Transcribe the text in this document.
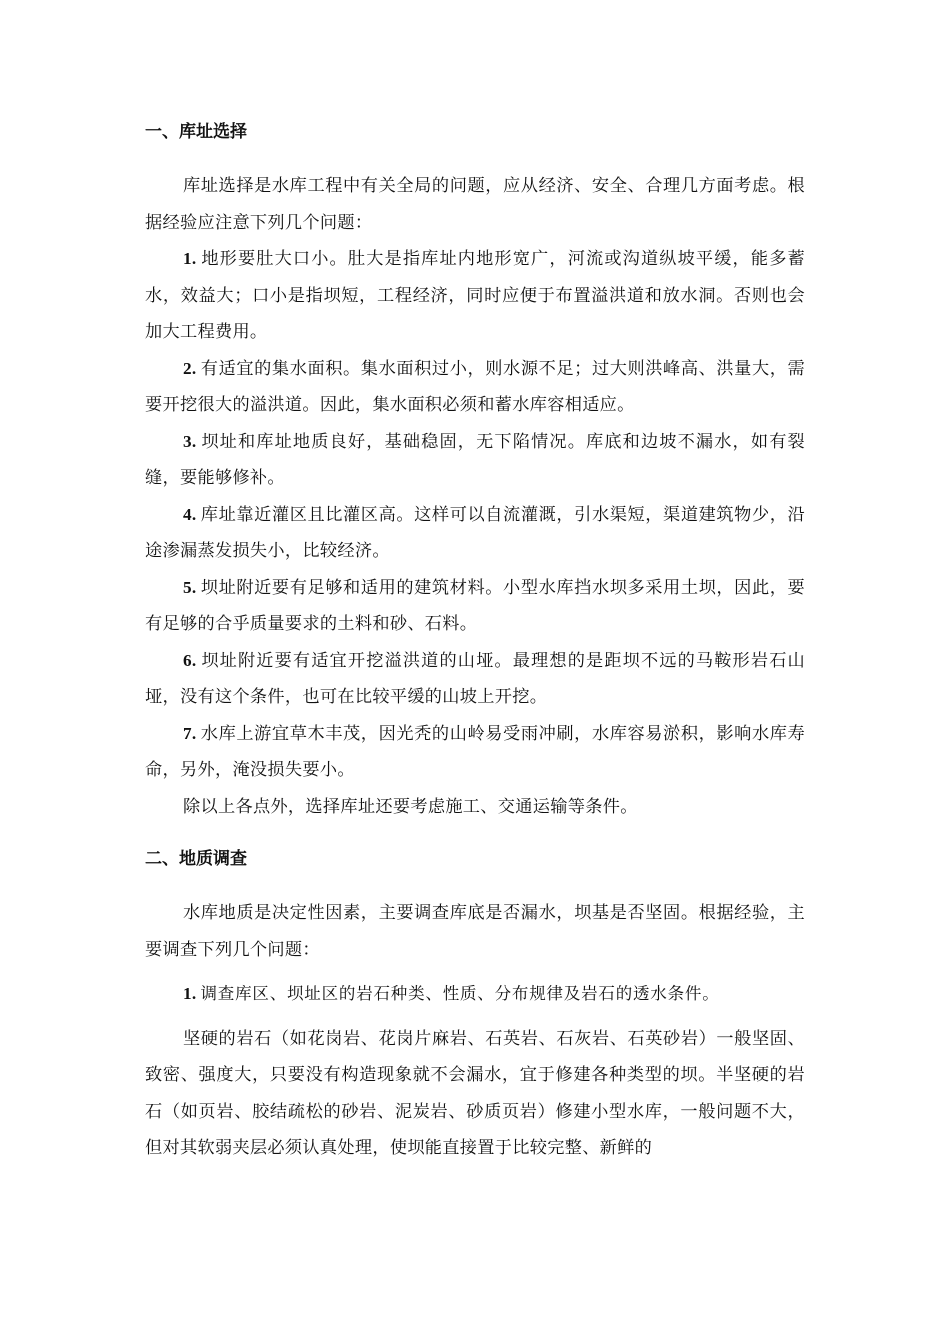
一、库址选择

库址选择是水库工程中有关全局的问题，应从经济、安全、合理几方面考虑。根据经验应注意下列几个问题：

1. 地形要肚大口小。肚大是指库址内地形宽广，河流或沟道纵坡平缓，能多蓄水，效益大；口小是指坝短，工程经济，同时应便于布置溢洪道和放水洞。否则也会加大工程费用。

2. 有适宜的集水面积。集水面积过小，则水源不足；过大则洪峰高、洪量大，需要开挖很大的溢洪道。因此，集水面积必须和蓄水库容相适应。

3. 坝址和库址地质良好，基础稳固，无下陷情况。库底和边坡不漏水，如有裂缝，要能够修补。

4. 库址靠近灌区且比灌区高。这样可以自流灌溉，引水渠短，渠道建筑物少，沿途渗漏蒸发损失小，比较经济。

5. 坝址附近要有足够和适用的建筑材料。小型水库挡水坝多采用土坝，因此，要有足够的合乎质量要求的土料和砂、石料。

6. 坝址附近要有适宜开挖溢洪道的山垭。最理想的是距坝不远的马鞍形岩石山垭，没有这个条件，也可在比较平缓的山坡上开挖。

7. 水库上游宜草木丰茂，因光秃的山岭易受雨冲刷，水库容易淤积，影响水库寿命，另外，淹没损失要小。

除以上各点外，选择库址还要考虑施工、交通运输等条件。

二、地质调查

水库地质是决定性因素，主要调查库底是否漏水，坝基是否坚固。根据经验，主要调查下列几个问题：

1. 调查库区、坝址区的岩石种类、性质、分布规律及岩石的透水条件。

坚硬的岩石（如花岗岩、花岗片麻岩、石英岩、石灰岩、石英砂岩）一般坚固、致密、强度大，只要没有构造现象就不会漏水，宜于修建各种类型的坝。半坚硬的岩石（如页岩、胶结疏松的砂岩、泥炭岩、砂质页岩）修建小型水库，一般问题不大，但对其软弱夹层必须认真处理，使坝能直接置于比较完整、新鲜的
